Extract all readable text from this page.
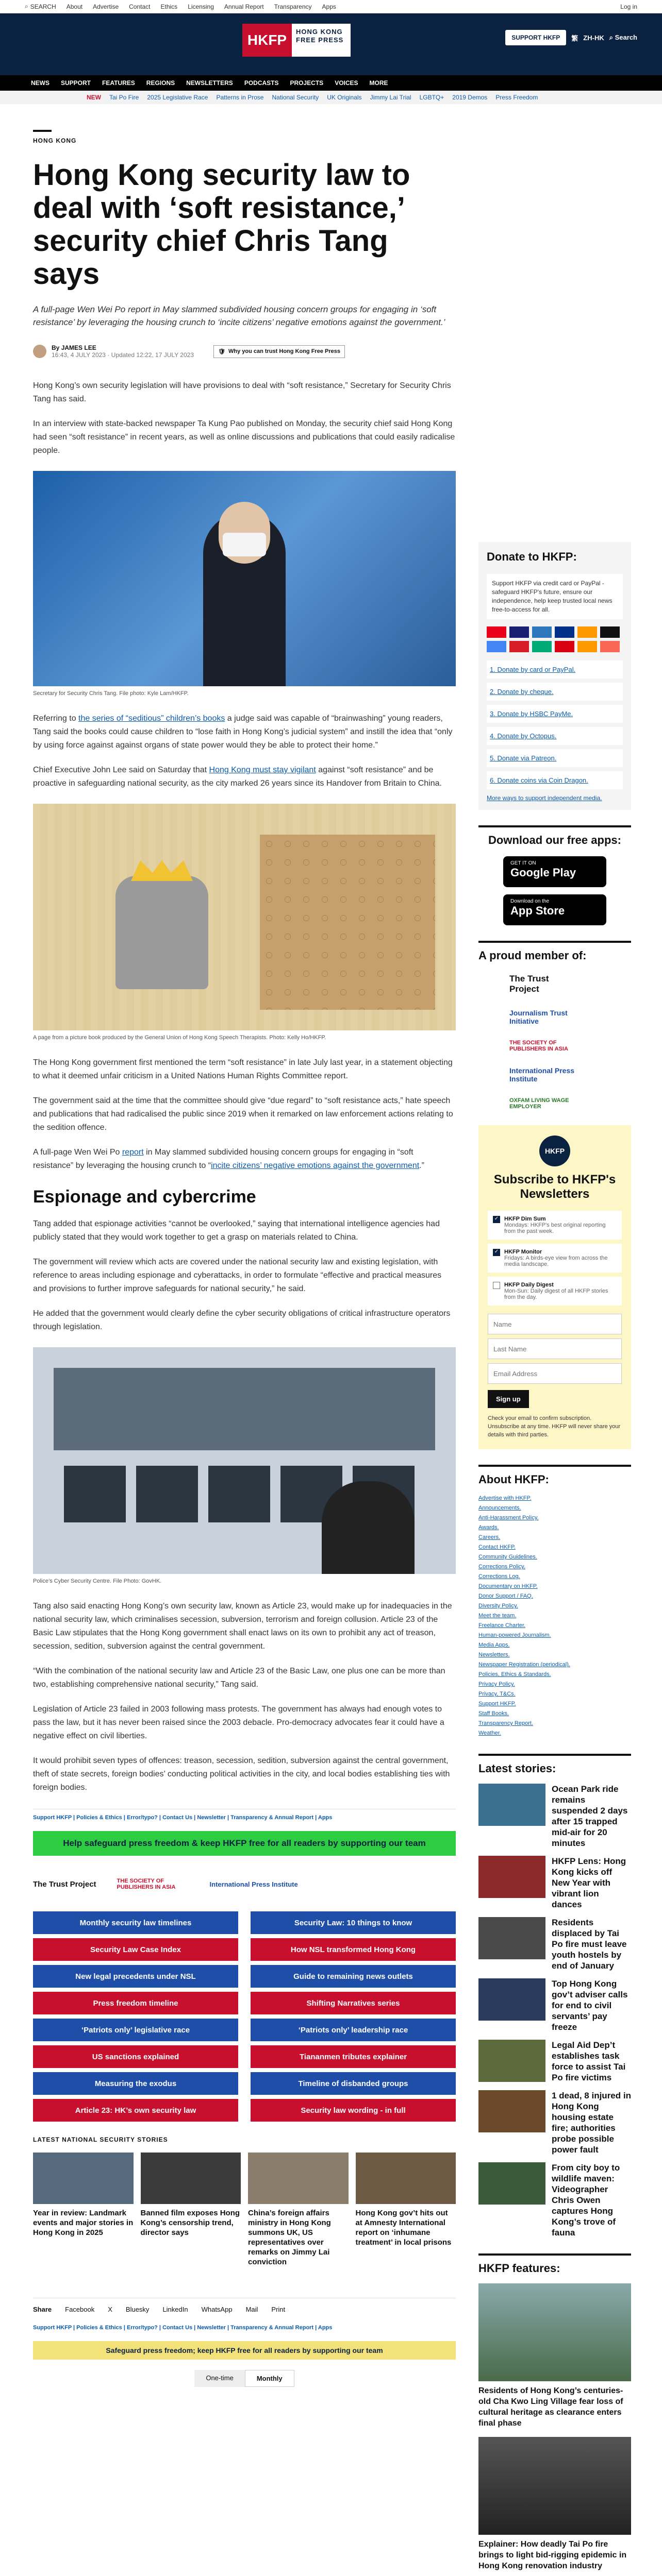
⌕ SEARCH About Advertise Contact Ethics Licensing Annual Report Transparency Apps	Log in
HKFP
HONG KONG FREE PRESS	SUPPORT HKFP	繁 ZH-HK ⌕ Search
NEWS SUPPORT FEATURES REGIONS NEWSLETTERS PODCASTS PROJECTS VOICES MORE
NEW Tai Po Fire 2025 Legislative Race Patterns in Prose National Security UK Originals Jimmy Lai Trial LGBTQ+ 2019 Demos Press Freedom
HONG KONG
Hong Kong security law to deal with ‘soft resistance,’ security chief Chris Tang says

A full-page Wen Wei Po report in May slammed subdivided housing concern groups for engaging in ‘soft resistance’ by leveraging the housing crunch to ‘incite citizens’ negative emotions against the government.’

By JAMES LEE
16:43, 4 JULY 2023 · Updated 12:22, 17 JULY 2023	🛡 Why you can trust Hong Kong Free Press

Hong Kong’s own security legislation will have provisions to deal with “soft resistance,” Secretary for Security Chris Tang has said.

In an interview with state-backed newspaper Ta Kung Pao published on Monday, the security chief said Hong Kong had seen “soft resistance” in recent years, as well as online discussions and publications that could easily radicalise people.

Secretary for Security Chris Tang. File photo: Kyle Lam/HKFP.

Referring to the series of “seditious” children’s books a judge said was capable of “brainwashing” young readers, Tang said the books could cause children to “lose faith in Hong Kong’s judicial system” and instill the idea that “only by using force against against organs of state power would they be able to protect their home.”

Chief Executive John Lee said on Saturday that Hong Kong must stay vigilant against “soft resistance” and be proactive in safeguarding national security, as the city marked 26 years since its Handover from Britain to China.

A page from a picture book produced by the General Union of Hong Kong Speech Therapists. Photo: Kelly Ho/HKFP.

The Hong Kong government first mentioned the term “soft resistance” in late July last year, in a statement objecting to what it deemed unfair criticism in a United Nations Human Rights Committee report.

The government said at the time that the committee should give “due regard” to “soft resistance acts,” hate speech and publications that had radicalised the public since 2019 when it remarked on law enforcement actions relating to the sedition offence.

A full-page Wen Wei Po report in May slammed subdivided housing concern groups for engaging in “soft resistance” by leveraging the housing crunch to “incite citizens’ negative emotions against the government.”

Espionage and cybercrime

Tang added that espionage activities “cannot be overlooked,” saying that international intelligence agencies had publicly stated that they would work together to get a grasp on materials related to China.

The government will review which acts are covered under the national security law and existing legislation, with reference to areas including espionage and cyberattacks, in order to formulate “effective and practical measures and provisions to further improve safeguards for national security,” he said.

He added that the government would clearly define the cyber security obligations of critical infrastructure operators through legislation.

Police’s Cyber Security Centre. File Photo: GovHK.

Tang also said enacting Hong Kong’s own security law, known as Article 23, would make up for inadequacies in the national security law, which criminalises secession, subversion, terrorism and foreign collusion. Article 23 of the Basic Law stipulates that the Hong Kong government shall enact laws on its own to prohibit any act of treason, secession, sedition, subversion against the central government.

“With the combination of the national security law and Article 23 of the Basic Law, one plus one can be more than two, establishing comprehensive national security,” Tang said.

Legislation of Article 23 failed in 2003 following mass protests. The government has always had enough votes to pass the law, but it has never been raised since the 2003 debacle. Pro-democracy advocates fear it could have a negative effect on civil liberties.

It would prohibit seven types of offences: treason, secession, sedition, subversion against the central government, theft of state secrets, foreign bodies’ conducting political activities in the city, and local bodies establishing ties with foreign bodies.

Support HKFP | Policies & Ethics | Error/typo? | Contact Us | Newsletter | Transparency & Annual Report | Apps
Help safeguard press freedom & keep HKFP free for all readers by supporting our team
The Trust Project	THE SOCIETY OF PUBLISHERS IN ASIA	International Press Institute
Monthly security law timelines	Security Law: 10 things to know
Security Law Case Index	How NSL transformed Hong Kong
New legal precedents under NSL	Guide to remaining news outlets
Press freedom timeline	Shifting Narratives series
‘Patriots only’ legislative race	‘Patriots only’ leadership race
US sanctions explained	Tiananmen tributes explainer
Measuring the exodus	Timeline of disbanded groups
Article 23: HK’s own security law	Security law wording - in full
LATEST NATIONAL SECURITY STORIES
Year in review: Landmark events and major stories in Hong Kong in 2025
Banned film exposes Hong Kong’s censorship trend, director says
China’s foreign affairs ministry in Hong Kong summons UK, US representatives over remarks on Jimmy Lai conviction
Hong Kong gov’t hits out at Amnesty International report on ‘inhumane treatment’ in local prisons
Share Facebook X Bluesky LinkedIn WhatsApp Mail Print
Support HKFP | Policies & Ethics | Error/typo? | Contact Us | Newsletter | Transparency & Annual Report | Apps
Safeguard press freedom; keep HKFP free for all readers by supporting our team
One-time	Monthly
Donate to HKFP:
Support HKFP via credit card or PayPal - safeguard HKFP's future, ensure our independence, help keep trusted local news free-to-access for all.
1. Donate by card or PayPal.
2. Donate by cheque.
3. Donate by HSBC PayMe.
4. Donate by Octopus.
5. Donate via Patreon.
6. Donate coins via Coin Dragon.
More ways to support independent media.
Download our free apps:
GET IT ON
Google Play
Download on the
App Store
A proud member of:
The Trust Project
Journalism Trust Initiative
THE SOCIETY OF PUBLISHERS IN ASIA
International Press Institute
OXFAM LIVING WAGE EMPLOYER
HKFP
Subscribe to HKFP's Newsletters
✓ HKFP Dim Sum
Mondays: HKFP's best original reporting from the past week.
✓ HKFP Monitor
Fridays: A birds-eye view from across the media landscape.
HKFP Daily Digest
Mon-Sun: Daily digest of all HKFP stories from the day.
Name Last Name Email Address Sign up
Check your email to confirm subscription. Unsubscribe at any time. HKFP will never share your details with third parties.
About HKFP:
Advertise with HKFP.
Announcements.
Anti-Harassment Policy.
Awards.
Careers.
Contact HKFP.
Community Guidelines.
Corrections Policy.
Corrections Log.
Documentary on HKFP.
Donor Support / FAQ.
Diversity Policy.
Meet the team.
Freelance Charter.
Human-powered Journalism.
Media Apps.
Newsletters.
Newspaper Registration (periodical).
Policies, Ethics & Standards.
Privacy Policy.
Privacy, T&Cs.
Support HKFP.
Staff Books.
Transparency Report.
Weather.
Latest stories:
Ocean Park ride remains suspended 2 days after 15 trapped mid-air for 20 minutes
HKFP Lens: Hong Kong kicks off New Year with vibrant lion dances
Residents displaced by Tai Po fire must leave youth hostels by end of January
Top Hong Kong gov’t adviser calls for end to civil servants’ pay freeze
Legal Aid Dep’t establishes task force to assist Tai Po fire victims
1 dead, 8 injured in Hong Kong housing estate fire; authorities probe possible power fault
From city boy to wildlife maven: Videographer Chris Owen captures Hong Kong’s trove of fauna
HKFP features:
Residents of Hong Kong’s centuries-old Cha Kwo Ling Village fear loss of cultural heritage as clearance enters final phase
Explainer: How deadly Tai Po fire brings to light bid-rigging epidemic in Hong Kong renovation industry
